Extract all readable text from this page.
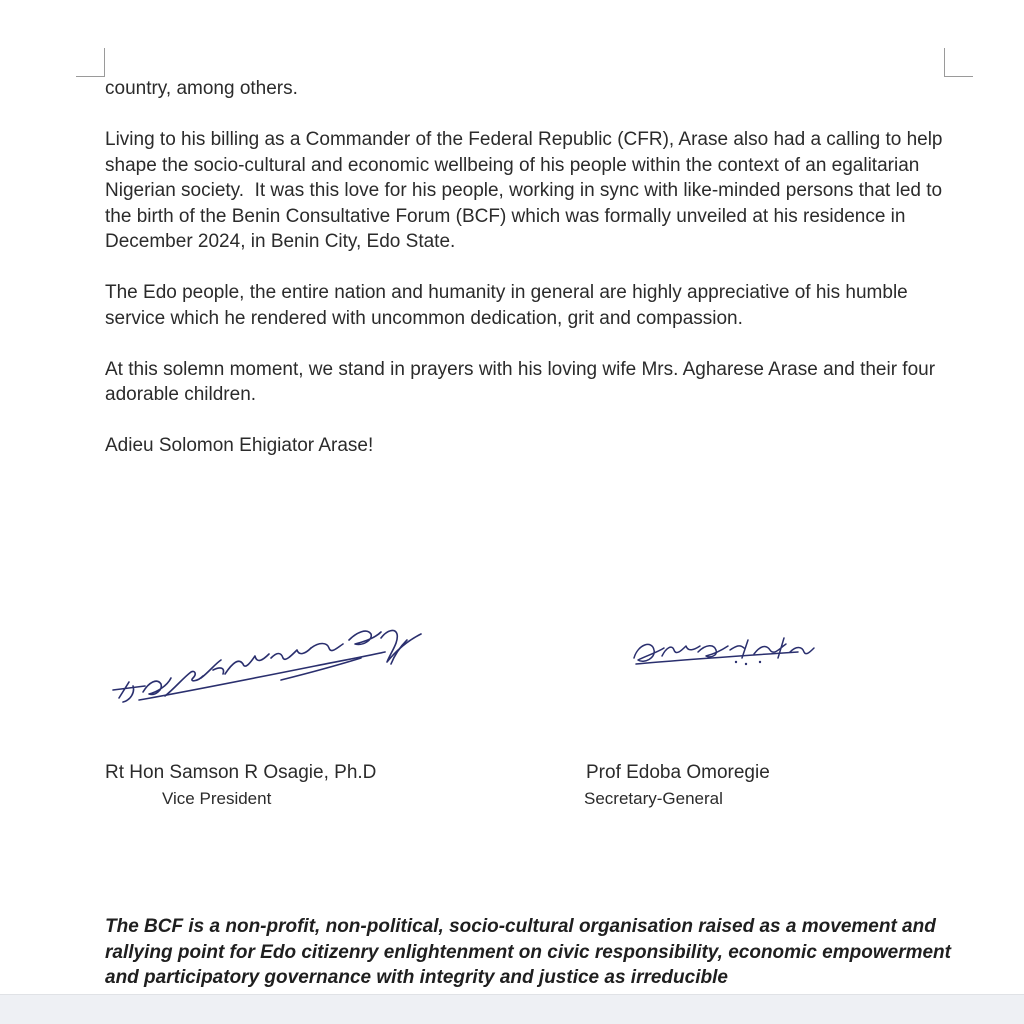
country, among others.

Living to his billing as a Commander of the Federal Republic (CFR), Arase also had a calling to help shape the socio-cultural and economic wellbeing of his people within the context of an egalitarian Nigerian society.  It was this love for his people, working in sync with like-minded persons that led to the birth of the Benin Consultative Forum (BCF) which was formally unveiled at his residence in December 2024, in Benin City, Edo State.

The Edo people, the entire nation and humanity in general are highly appreciative of his humble service which he rendered with uncommon dedication, grit and compassion.

At this solemn moment, we stand in prayers with his loving wife Mrs. Agharese Arase and their four adorable children.

Adieu Solomon Ehigiator Arase!

Rt Hon Samson R Osagie, Ph.D
Vice President
Prof Edoba Omoregie
Secretary-General

The BCF is a non-profit, non-political, socio-cultural organisation raised as a movement and rallying point for Edo citizenry enlightenment on civic responsibility, economic empowerment and participatory governance with integrity and justice as irreducible
